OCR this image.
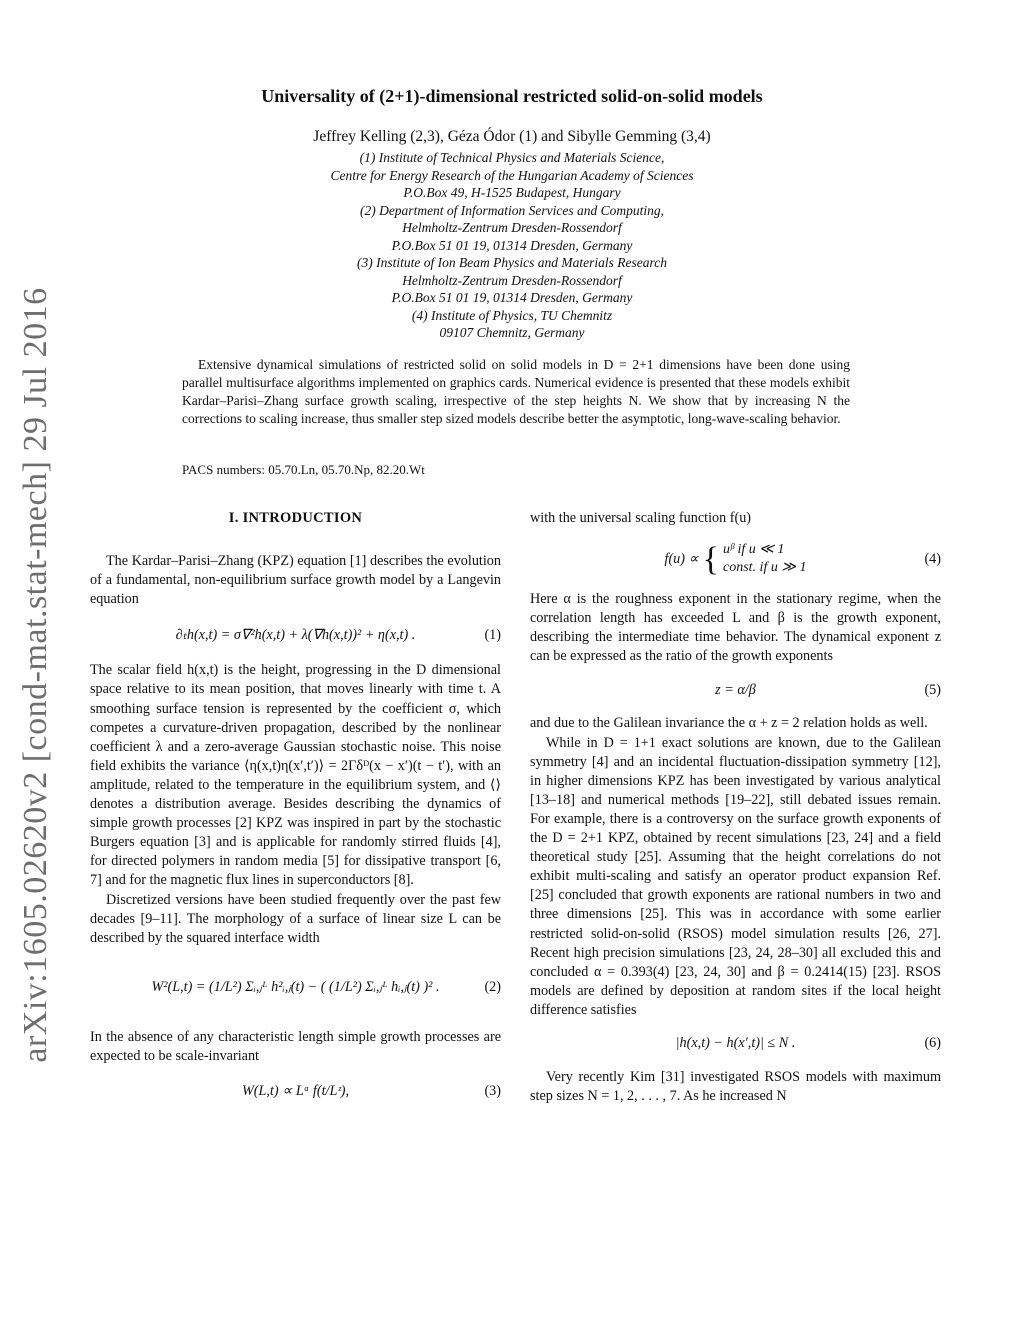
arXiv:1605.02620v2 [cond-mat.stat-mech] 29 Jul 2016
Universality of (2+1)-dimensional restricted solid-on-solid models
Jeffrey Kelling (2,3), Géza Ódor (1) and Sibylle Gemming (3,4)
(1) Institute of Technical Physics and Materials Science,
Centre for Energy Research of the Hungarian Academy of Sciences
P.O.Box 49, H-1525 Budapest, Hungary
(2) Department of Information Services and Computing,
Helmholtz-Zentrum Dresden-Rossendorf
P.O.Box 51 01 19, 01314 Dresden, Germany
(3) Institute of Ion Beam Physics and Materials Research
Helmholtz-Zentrum Dresden-Rossendorf
P.O.Box 51 01 19, 01314 Dresden, Germany
(4) Institute of Physics, TU Chemnitz
09107 Chemnitz, Germany
Extensive dynamical simulations of restricted solid on solid models in D = 2+1 dimensions have been done using parallel multisurface algorithms implemented on graphics cards. Numerical evidence is presented that these models exhibit Kardar–Parisi–Zhang surface growth scaling, irrespective of the step heights N. We show that by increasing N the corrections to scaling increase, thus smaller step sized models describe better the asymptotic, long-wave-scaling behavior.
PACS numbers: 05.70.Ln, 05.70.Np, 82.20.Wt
I. INTRODUCTION

The Kardar–Parisi–Zhang (KPZ) equation [1] describes the evolution of a fundamental, non-equilibrium surface growth model by a Langevin equation

∂ₜh(x,t) = σ∇²h(x,t) + λ(∇h(x,t))² + η(x,t) .	(1)

The scalar field h(x,t) is the height, progressing in the D dimensional space relative to its mean position, that moves linearly with time t. A smoothing surface tension is represented by the coefficient σ, which competes a curvature-driven propagation, described by the nonlinear coefficient λ and a zero-average Gaussian stochastic noise. This noise field exhibits the variance ⟨η(x,t)η(x′,t′)⟩ = 2Γδᴰ(x − x′)(t − t′), with an amplitude, related to the temperature in the equilibrium system, and ⟨⟩ denotes a distribution average. Besides describing the dynamics of simple growth processes [2] KPZ was inspired in part by the stochastic Burgers equation [3] and is applicable for randomly stirred fluids [4], for directed polymers in random media [5] for dissipative transport [6, 7] and for the magnetic flux lines in superconductors [8].

Discretized versions have been studied frequently over the past few decades [9–11]. The morphology of a surface of linear size L can be described by the squared interface width

W²(L,t) = (1/L²) Σᵢ,ⱼᴸ h²ᵢ,ⱼ(t) − ( (1/L²) Σᵢ,ⱼᴸ hᵢ,ⱼ(t) )² .	(2)

In the absence of any characteristic length simple growth processes are expected to be scale-invariant

W(L,t) ∝ Lᵅ f(t/Lᶻ),	(3)

with the universal scaling function f(u)

f(u) ∝ { uᵝ if u ≪ 1
const. if u ≫ 1
(4)

Here α is the roughness exponent in the stationary regime, when the correlation length has exceeded L and β is the growth exponent, describing the intermediate time behavior. The dynamical exponent z can be expressed as the ratio of the growth exponents

z = α/β	(5)

and due to the Galilean invariance the α + z = 2 relation holds as well.

While in D = 1+1 exact solutions are known, due to the Galilean symmetry [4] and an incidental fluctuation-dissipation symmetry [12], in higher dimensions KPZ has been investigated by various analytical [13–18] and numerical methods [19–22], still debated issues remain. For example, there is a controversy on the surface growth exponents of the D = 2+1 KPZ, obtained by recent simulations [23, 24] and a field theoretical study [25]. Assuming that the height correlations do not exhibit multi-scaling and satisfy an operator product expansion Ref. [25] concluded that growth exponents are rational numbers in two and three dimensions [25]. This was in accordance with some earlier restricted solid-on-solid (RSOS) model simulation results [26, 27]. Recent high precision simulations [23, 24, 28–30] all excluded this and concluded α = 0.393(4) [23, 24, 30] and β = 0.2414(15) [23]. RSOS models are defined by deposition at random sites if the local height difference satisfies

|h(x,t) − h(x′,t)| ≤ N .	(6)

Very recently Kim [31] investigated RSOS models with maximum step sizes N = 1, 2, . . . , 7. As he increased N
